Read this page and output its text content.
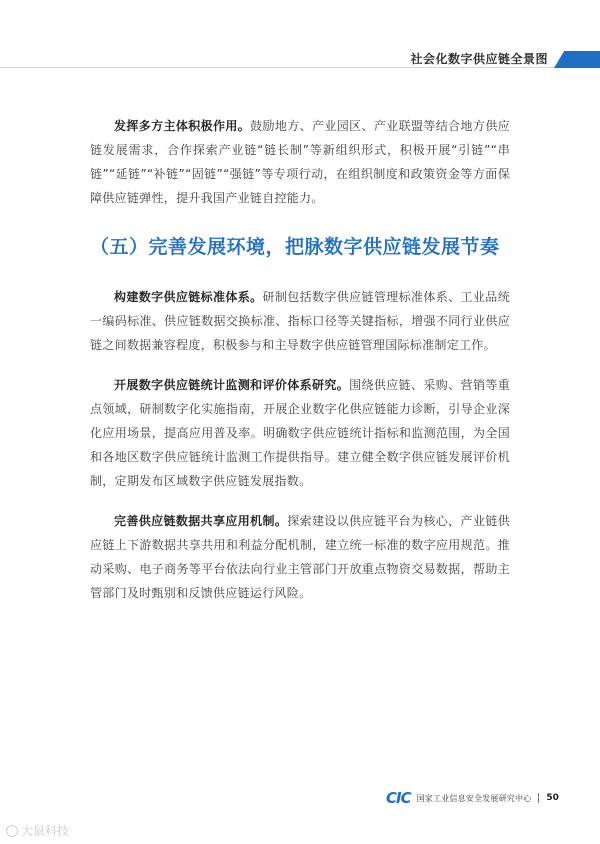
社会化数字供应链全景图

发挥多方主体积极作用。鼓励地方、产业园区、产业联盟等结合地方供应链发展需求，合作探索产业链“链长制”等新组织形式，积极开展“引链”“串链”“延链”“补链”“固链”“强链”等专项行动，在组织制度和政策资金等方面保障供应链弹性，提升我国产业链自控能力。

（五）完善发展环境，把脉数字供应链发展节奏

构建数字供应链标准体系。研制包括数字供应链管理标准体系、工业品统一编码标准、供应链数据交换标准、指标口径等关键指标，增强不同行业供应链之间数据兼容程度，积极参与和主导数字供应链管理国际标准制定工作。

开展数字供应链统计监测和评价体系研究。围绕供应链、采购、营销等重点领域，研制数字化实施指南，开展企业数字化供应链能力诊断，引导企业深化应用场景，提高应用普及率。明确数字供应链统计指标和监测范围，为全国和各地区数字供应链统计监测工作提供指导。建立健全数字供应链发展评价机制，定期发布区域数字供应链发展指数。

完善供应链数据共享应用机制。探索建设以供应链平台为核心，产业链供应链上下游数据共享共用和利益分配机制，建立统一标准的数字应用规范。推动采购、电子商务等平台依法向行业主管部门开放重点物资交易数据，帮助主管部门及时甄别和反馈供应链运行风险。

CIC 国家工业信息安全发展研究中心 50
大鼠科技
